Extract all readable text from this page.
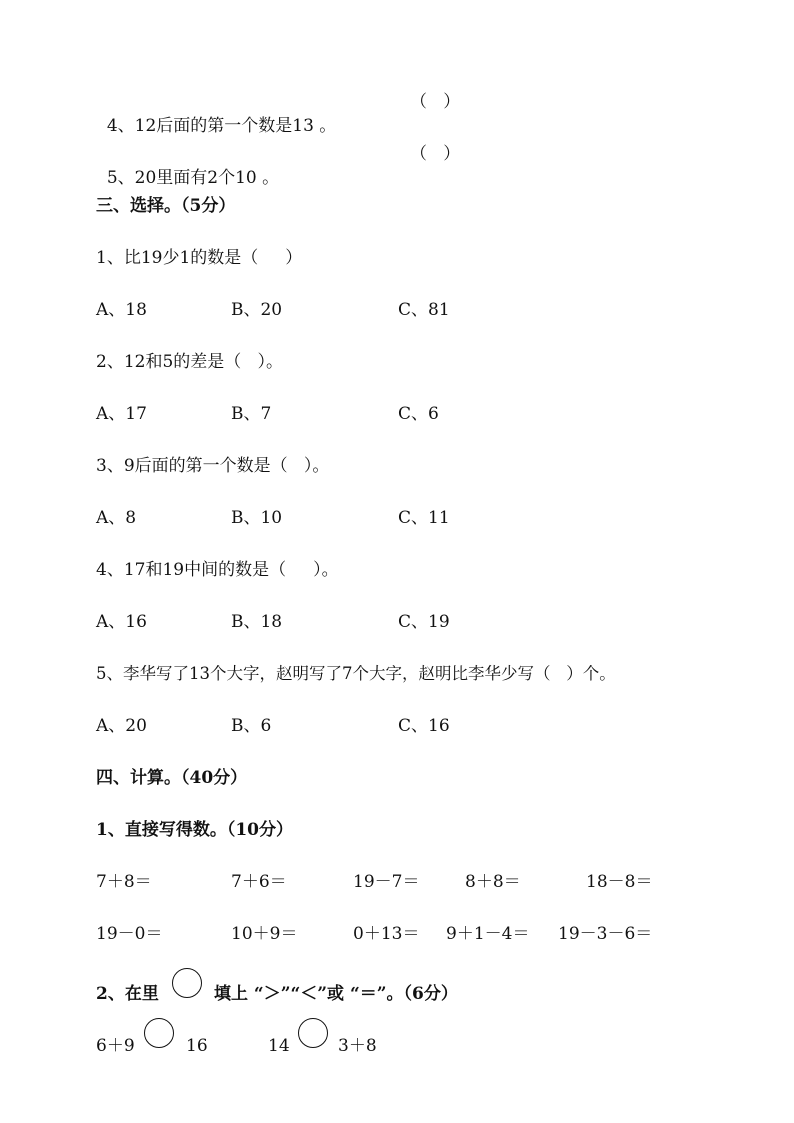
4、12后面的第一个数是13 。

（   ）

5、20里面有2个10 。

（   ）
三、选择。（5分）
1、比19少1的数是（     ）
A、18	B、20	C、81
2、12和5的差是（   ）。
A、17	B、7	C、6
3、9后面的第一个数是（   ）。
A、8	B、10	C、11
4、17和19中间的数是（     ）。
A、16	B、18	C、19
5、李华写了13个大字，赵明写了7个大字，赵明比李华少写（   ）个。
A、20	B、6	C、16
四、计算。（40分）
1、直接写得数。（10分）
7＋8＝	7＋6＝	19－7＝	8＋8＝	18－8＝
19－0＝	10＋9＝	0＋13＝ 9＋1－4＝ 19－3－6＝
2、在里	填上 “＞”“＜”或 “＝”。（6分）
6＋9	16	14	3＋8
